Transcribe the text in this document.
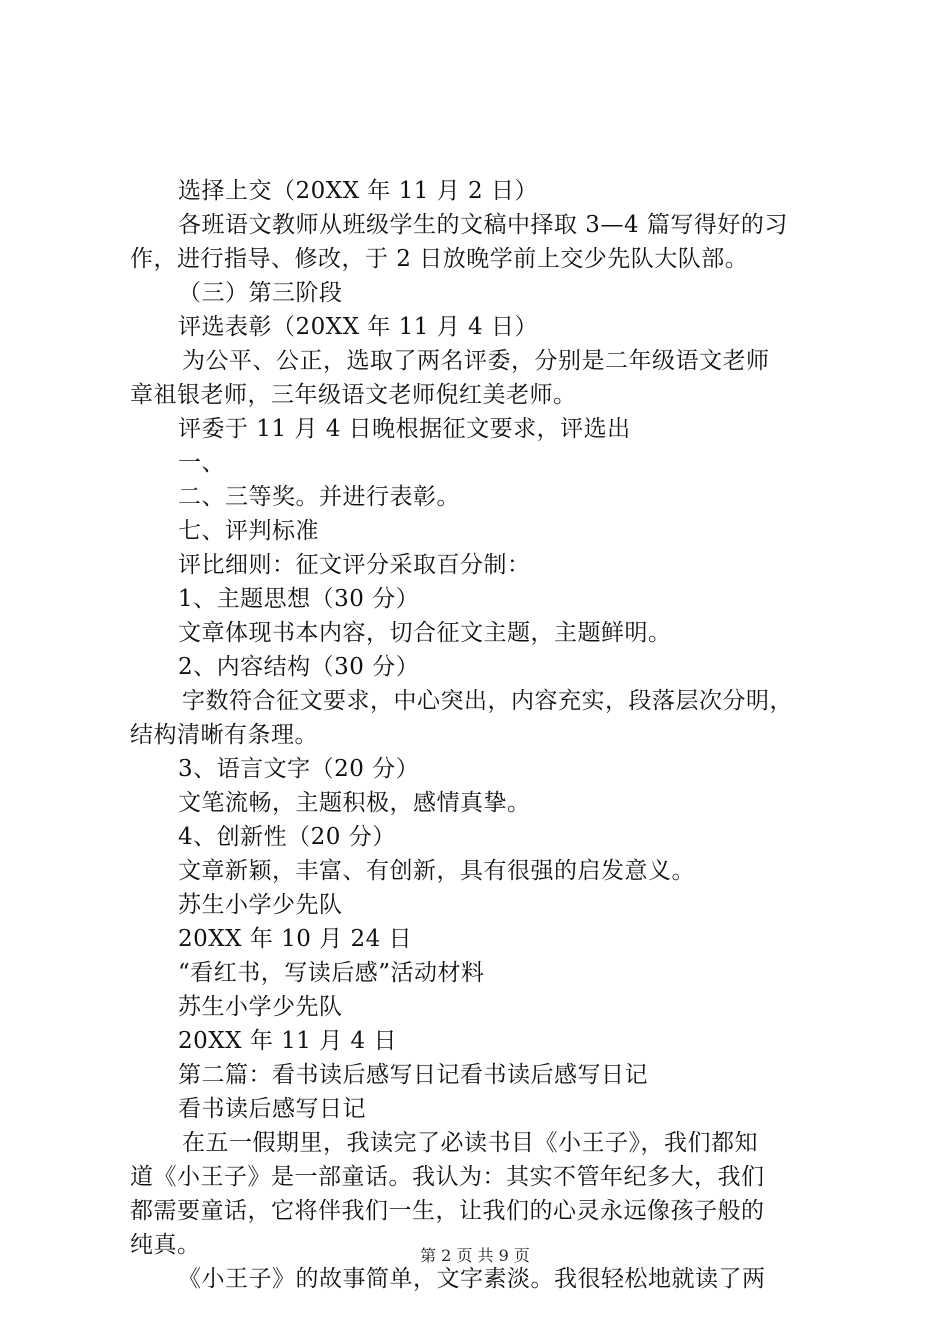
选择上交（20XX 年 11 月 2 日）
各班语文教师从班级学生的文稿中择取 3—4 篇写得好的习
作，进行指导、修改，于 2 日放晚学前上交少先队大队部。
（三）第三阶段
评选表彰（20XX 年 11 月 4 日）
为公平、公正，选取了两名评委，分别是二年级语文老师
章祖银老师，三年级语文老师倪红美老师。
评委于 11 月 4 日晚根据征文要求，评选出
一、
二、三等奖。并进行表彰。
七、评判标准
评比细则：征文评分采取百分制：
1、主题思想（30 分）
文章体现书本内容，切合征文主题，主题鲜明。
2、内容结构（30 分）
字数符合征文要求，中心突出，内容充实，段落层次分明，
结构清晰有条理。
3、语言文字（20 分）
文笔流畅，主题积极，感情真挚。
4、创新性（20 分）
文章新颖，丰富、有创新，具有很强的启发意义。
苏生小学少先队
20XX 年 10 月 24 日
“看红书，写读后感”活动材料
苏生小学少先队
20XX 年 11 月 4 日
第二篇：看书读后感写日记看书读后感写日记
看书读后感写日记
在五一假期里，我读完了必读书目《小王子》，我们都知
道《小王子》是一部童话。我认为：其实不管年纪多大，我们
都需要童话，它将伴我们一生，让我们的心灵永远像孩子般的
纯真。
《小王子》的故事简单，文字素淡。我很轻松地就读了两
第 2 页 共 9 页
